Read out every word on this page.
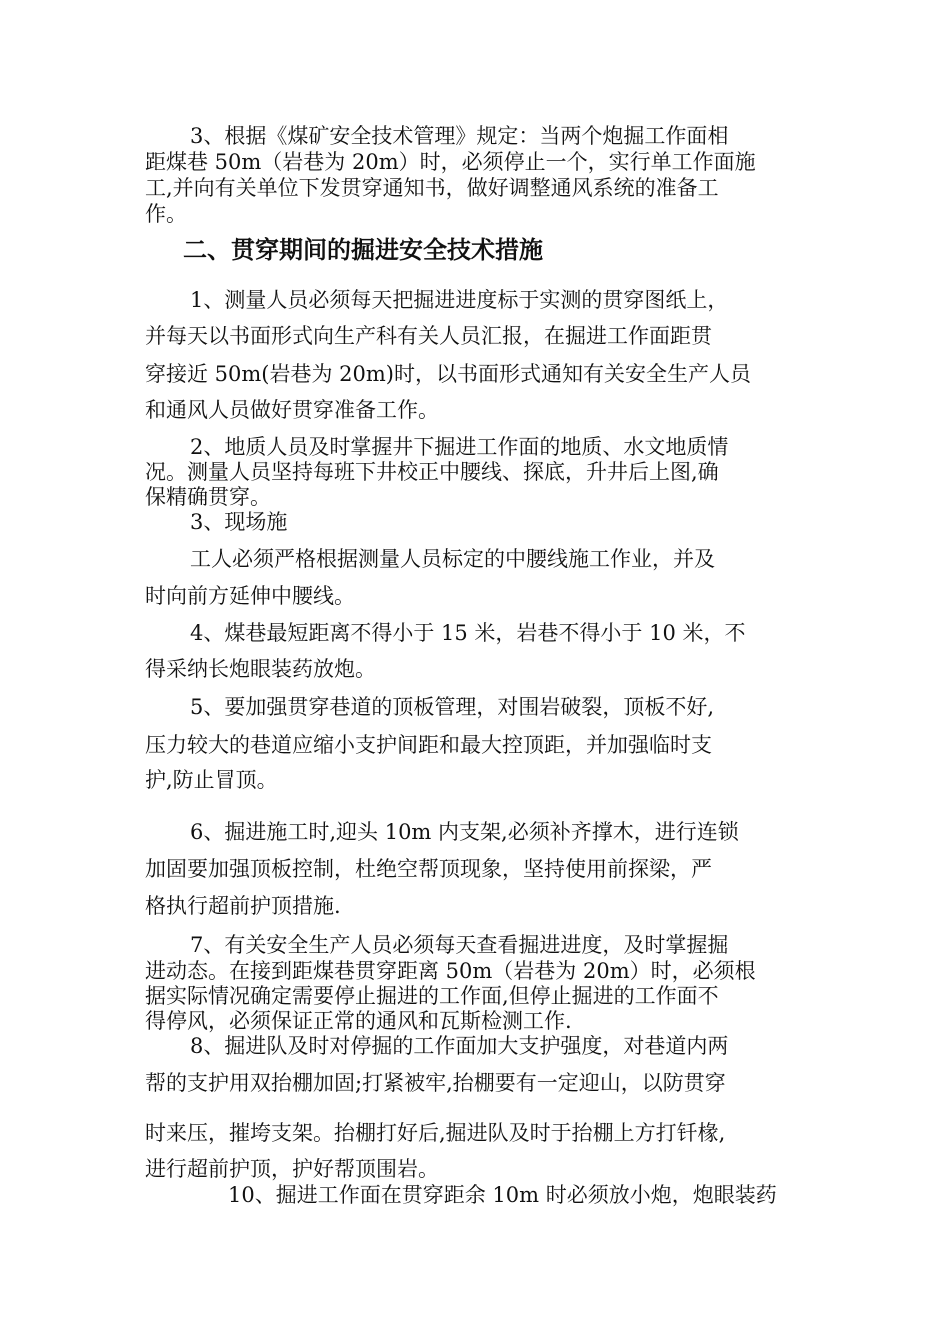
3、根据《煤矿安全技术管理》规定：当两个炮掘工作面相
距煤巷 50m（岩巷为 20m）时，必须停止一个，实行单工作面施
工,并向有关单位下发贯穿通知书，做好调整通风系统的准备工
作。
二、贯穿期间的掘进安全技术措施
1、测量人员必须每天把掘进进度标于实测的贯穿图纸上，
并每天以书面形式向生产科有关人员汇报，在掘进工作面距贯
穿接近 50m(岩巷为 20m)时，以书面形式通知有关安全生产人员
和通风人员做好贯穿准备工作。
2、地质人员及时掌握井下掘进工作面的地质、水文地质情
况。测量人员坚持每班下井校正中腰线、探底，升井后上图,确
保精确贯穿。
3、现场施
工人必须严格根据测量人员标定的中腰线施工作业，并及
时向前方延伸中腰线。
4、煤巷最短距离不得小于 15 米，岩巷不得小于 10 米，不
得采纳长炮眼装药放炮。
5、要加强贯穿巷道的顶板管理，对围岩破裂，顶板不好,
压力较大的巷道应缩小支护间距和最大控顶距，并加强临时支
护,防止冒顶。
6、掘进施工时,迎头 10m 内支架,必须补齐撑木，进行连锁
加固要加强顶板控制，杜绝空帮顶现象，坚持使用前探梁，严
格执行超前护顶措施.
7、有关安全生产人员必须每天查看掘进进度，及时掌握掘
进动态。在接到距煤巷贯穿距离 50m（岩巷为 20m）时，必须根
据实际情况确定需要停止掘进的工作面,但停止掘进的工作面不
得停风，必须保证正常的通风和瓦斯检测工作.
8、掘进队及时对停掘的工作面加大支护强度，对巷道内两
帮的支护用双抬棚加固;打紧被牢,抬棚要有一定迎山，以防贯穿
时来压，摧垮支架。抬棚打好后,掘进队及时于抬棚上方打钎椽,
进行超前护顶，护好帮顶围岩。
10、掘进工作面在贯穿距余 10m 时必须放小炮，炮眼装药
